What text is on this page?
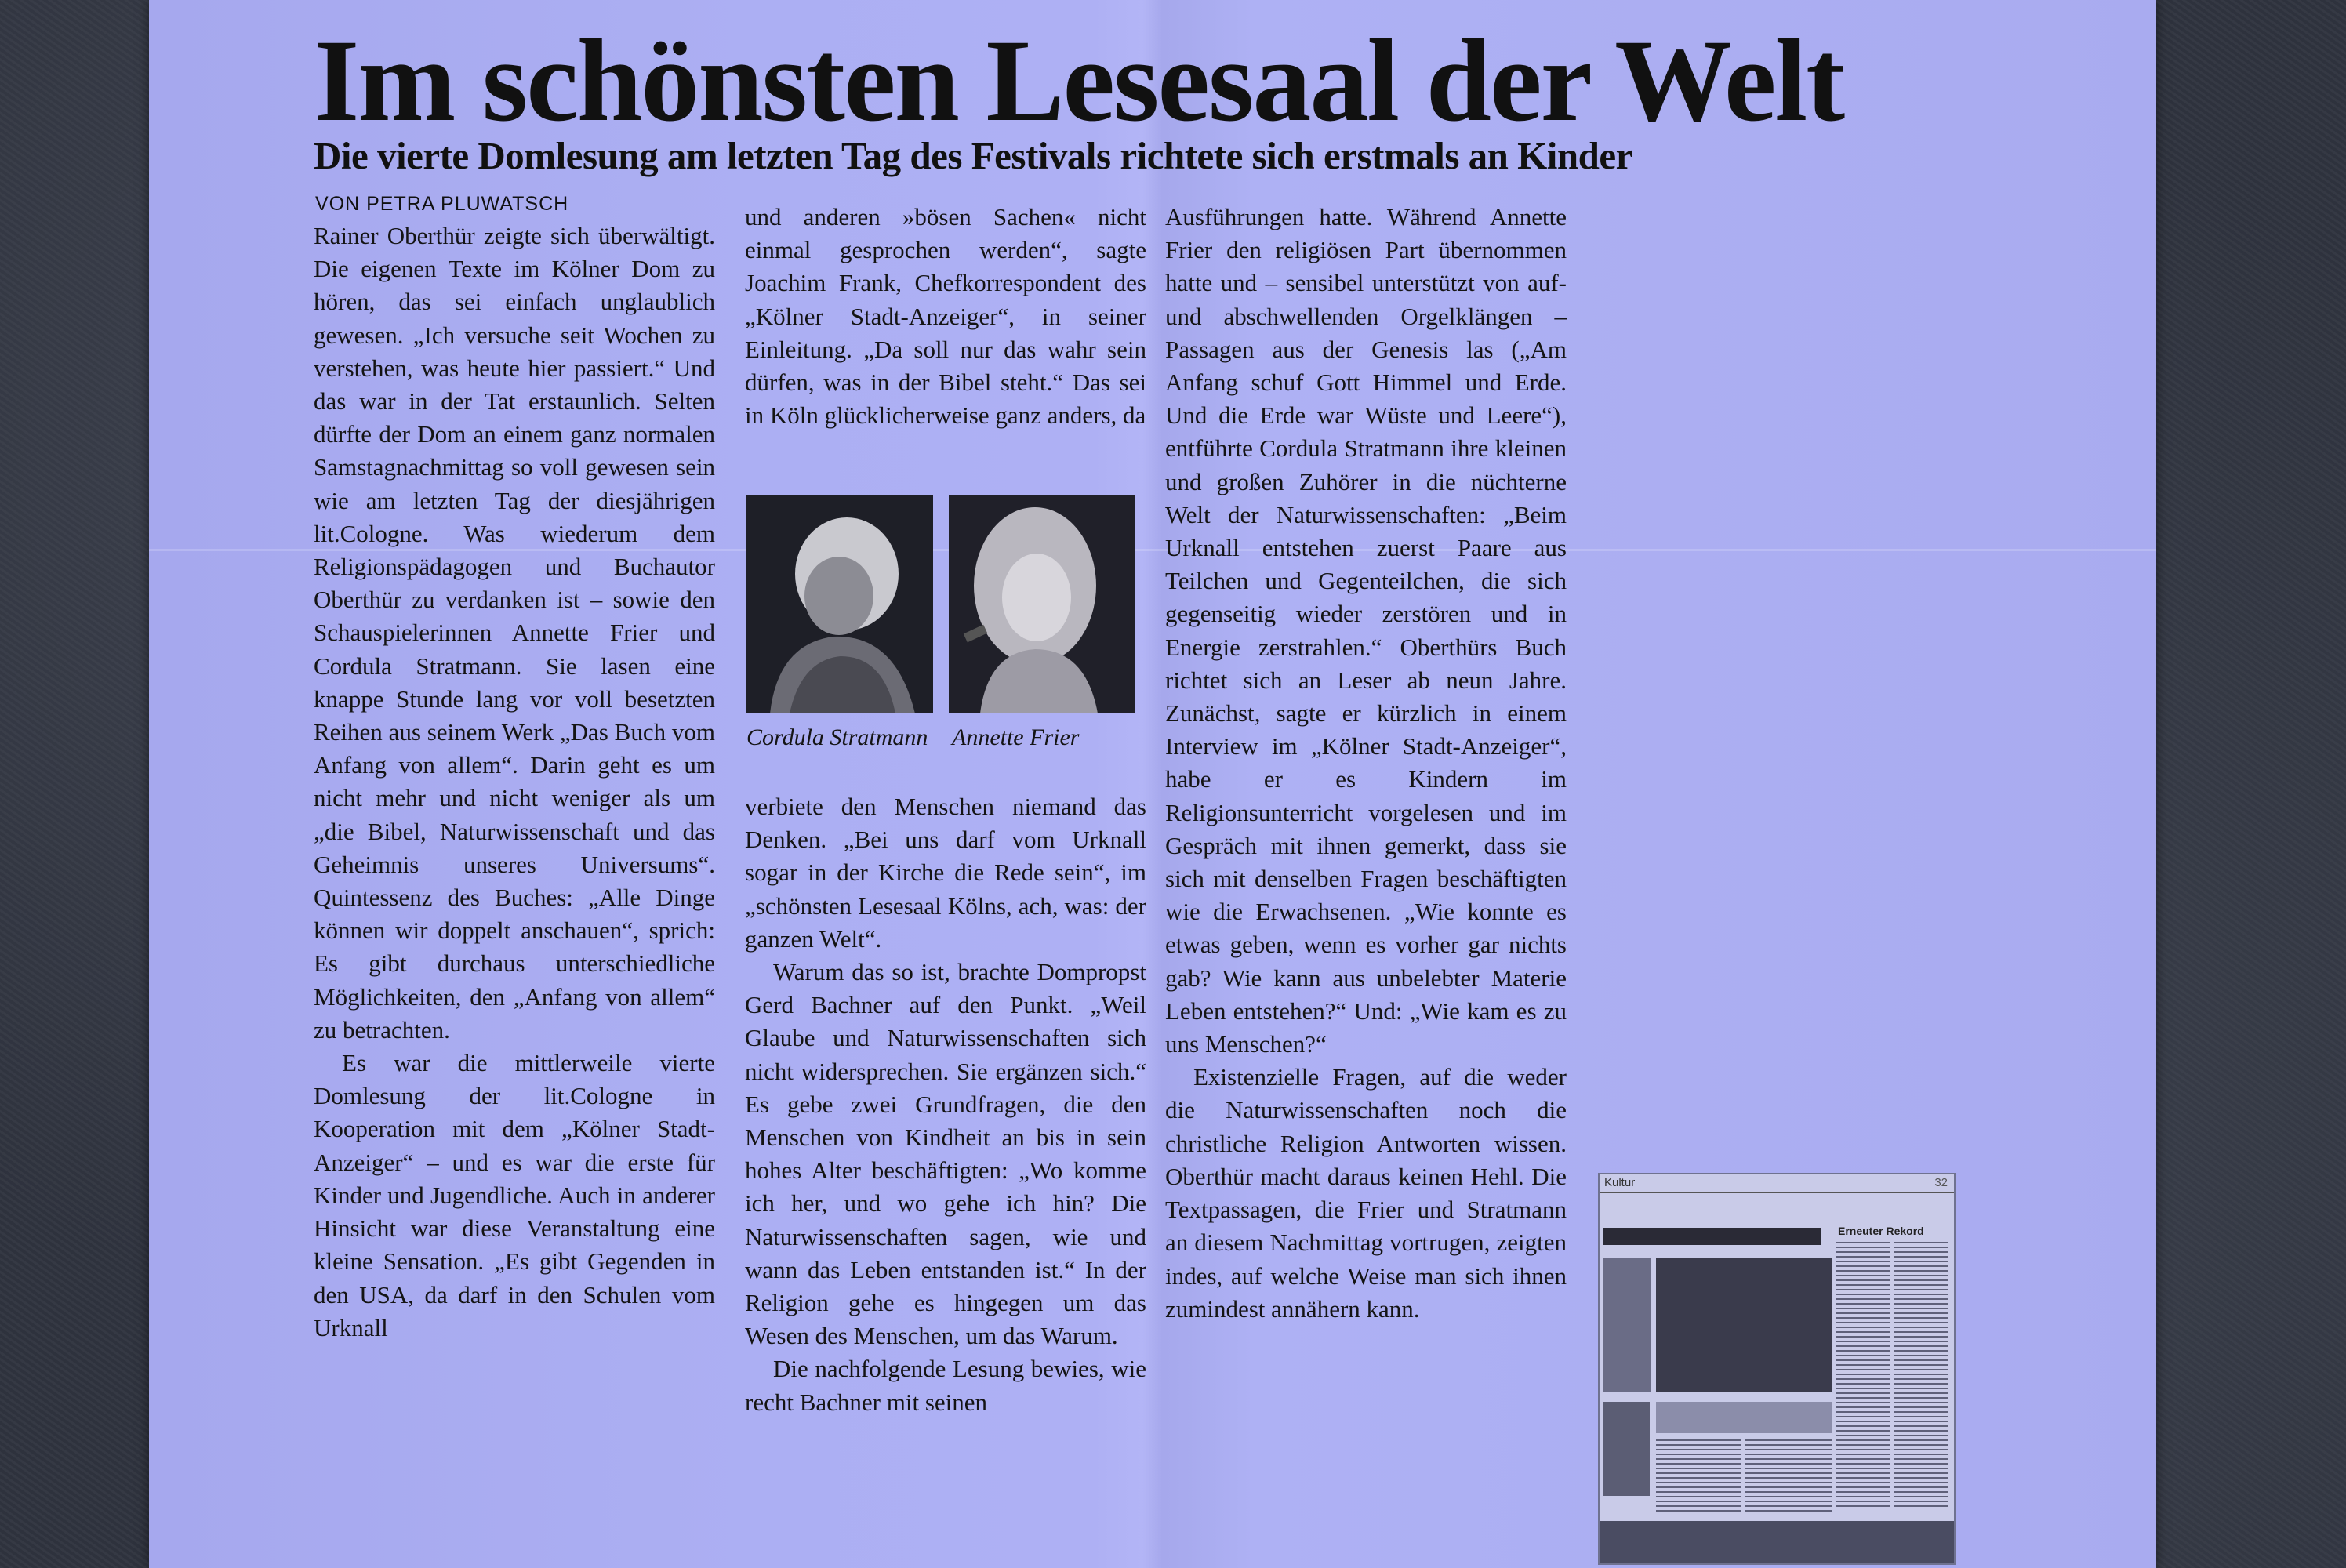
Im schönsten Lesesaal der Welt
Die vierte Domlesung am letzten Tag des Festivals richtete sich erstmals an Kinder
VON PETRA PLUWATSCH

Rainer Oberthür zeigte sich überwältigt. Die eigenen Texte im Kölner Dom zu hören, das sei einfach unglaublich gewesen. „Ich versuche seit Wochen zu verstehen, was heute hier passiert.“ Und das war in der Tat erstaunlich. Selten dürfte der Dom an einem ganz normalen Samstagnachmittag so voll gewesen sein wie am letzten Tag der diesjährigen lit.Cologne. Was wiederum dem Religionspädagogen und Buchautor Oberthür zu verdanken ist – sowie den Schauspielerinnen Annette Frier und Cordula Stratmann. Sie lasen eine knappe Stunde lang vor voll besetzten Reihen aus seinem Werk „Das Buch vom Anfang von allem“. Darin geht es um nicht mehr und nicht weniger als um „die Bibel, Naturwissenschaft und das Geheimnis unseres Universums“. Quintessenz des Buches: „Alle Dinge können wir doppelt anschauen“, sprich: Es gibt durchaus unterschiedliche Möglichkeiten, den „Anfang von allem“ zu betrachten.

Es war die mittlerweile vierte Domlesung der lit.Cologne in Kooperation mit dem „Kölner Stadt-Anzeiger“ – und es war die erste für Kinder und Jugendliche. Auch in anderer Hinsicht war diese Veranstaltung eine kleine Sensation. „Es gibt Gegenden in den USA, da darf in den Schulen vom Urknall

und anderen »bösen Sachen« nicht einmal gesprochen werden“, sagte Joachim Frank, Chefkorrespondent des „Kölner Stadt-Anzeiger“, in seiner Einleitung. „Da soll nur das wahr sein dürfen, was in der Bibel steht.“ Das sei in Köln glücklicherweise ganz anders, da

Cordula Stratmann Annette Frier

verbiete den Menschen niemand das Denken. „Bei uns darf vom Urknall sogar in der Kirche die Rede sein“, im „schönsten Lesesaal Kölns, ach, was: der ganzen Welt“.

Warum das so ist, brachte Dompropst Gerd Bachner auf den Punkt. „Weil Glaube und Naturwissenschaften sich nicht widersprechen. Sie ergänzen sich.“ Es gebe zwei Grundfragen, die den Menschen von Kindheit an bis in sein hohes Alter beschäftigten: „Wo komme ich her, und wo gehe ich hin? Die Naturwissenschaften sagen, wie und wann das Leben entstanden ist.“ In der Religion gehe es hingegen um das Wesen des Menschen, um das Warum.

Die nachfolgende Lesung bewies, wie recht Bachner mit seinen

Ausführungen hatte. Während Annette Frier den religiösen Part übernommen hatte und – sensibel unterstützt von auf- und abschwellenden Orgelklängen – Passagen aus der Genesis las („Am Anfang schuf Gott Himmel und Erde. Und die Erde war Wüste und Leere“), entführte Cordula Stratmann ihre kleinen und großen Zuhörer in die nüchterne Welt der Naturwissenschaften: „Beim Urknall entstehen zuerst Paare aus Teilchen und Gegenteilchen, die sich gegenseitig wieder zerstören und in Energie zerstrahlen.“ Oberthürs Buch richtet sich an Leser ab neun Jahre. Zunächst, sagte er kürzlich in einem Interview im „Kölner Stadt-Anzeiger“, habe er es Kindern im Religionsunterricht vorgelesen und im Gespräch mit ihnen gemerkt, dass sie sich mit denselben Fragen beschäftigten wie die Erwachsenen. „Wie konnte es etwas geben, wenn es vorher gar nichts gab? Wie kann aus unbelebter Materie Leben entstehen?“ Und: „Wie kam es zu uns Menschen?“

Existenzielle Fragen, auf die weder die Naturwissenschaften noch die christliche Religion Antworten wissen. Oberthür macht daraus keinen Hehl. Die Textpassagen, die Frier und Stratmann an diesem Nachmittag vortrugen, zeigten indes, auf welche Weise man sich ihnen zumindest annähern kann.

Kultur	32
Erneuter Rekord
